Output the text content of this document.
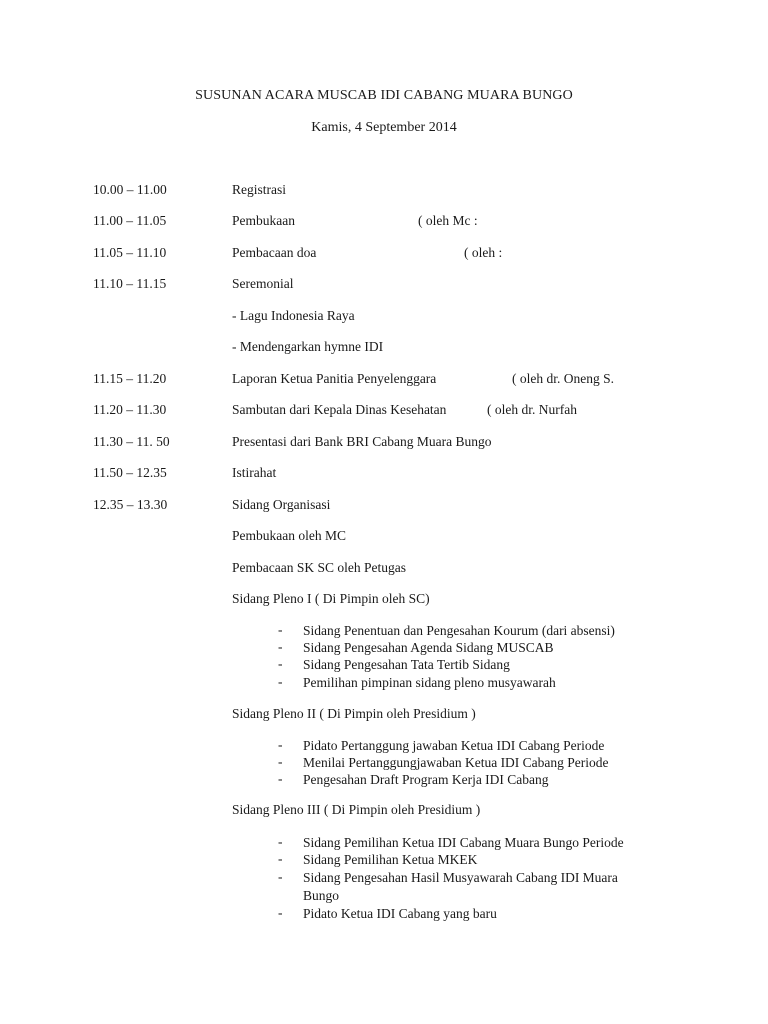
SUSUNAN ACARA MUSCAB IDI CABANG MUARA BUNGO
Kamis, 4 September 2014
10.00 – 11.00	Registrasi
11.00 – 11.05	Pembukaan	( oleh Mc :
11.05 – 11.10	Pembacaan doa	( oleh :
11.10 – 11.15	Seremonial
- Lagu Indonesia Raya
- Mendengarkan hymne IDI
11.15 – 11.20	Laporan Ketua Panitia Penyelenggara	( oleh dr. Oneng S.
11.20 – 11.30	Sambutan dari Kepala Dinas Kesehatan	( oleh dr. Nurfah
11.30 – 11. 50	Presentasi dari Bank BRI Cabang Muara Bungo
11.50 – 12.35	Istirahat
12.35 – 13.30	Sidang Organisasi
Pembukaan oleh MC
Pembacaan SK SC oleh Petugas
Sidang Pleno I ( Di Pimpin oleh SC)
- Sidang Penentuan dan Pengesahan Kourum (dari absensi)
- Sidang Pengesahan Agenda Sidang MUSCAB
- Sidang Pengesahan Tata Tertib Sidang
- Pemilihan pimpinan sidang pleno musyawarah
Sidang Pleno II ( Di Pimpin oleh Presidium )
- Pidato Pertanggung jawaban Ketua IDI Cabang Periode
- Menilai Pertanggungjawaban Ketua IDI Cabang Periode
- Pengesahan Draft Program Kerja IDI Cabang
Sidang Pleno III ( Di Pimpin oleh Presidium )
- Sidang Pemilihan Ketua IDI Cabang Muara Bungo Periode
- Sidang Pemilihan Ketua MKEK
- Sidang Pengesahan Hasil Musyawarah Cabang IDI Muara
Bungo
- Pidato Ketua IDI Cabang yang baru
